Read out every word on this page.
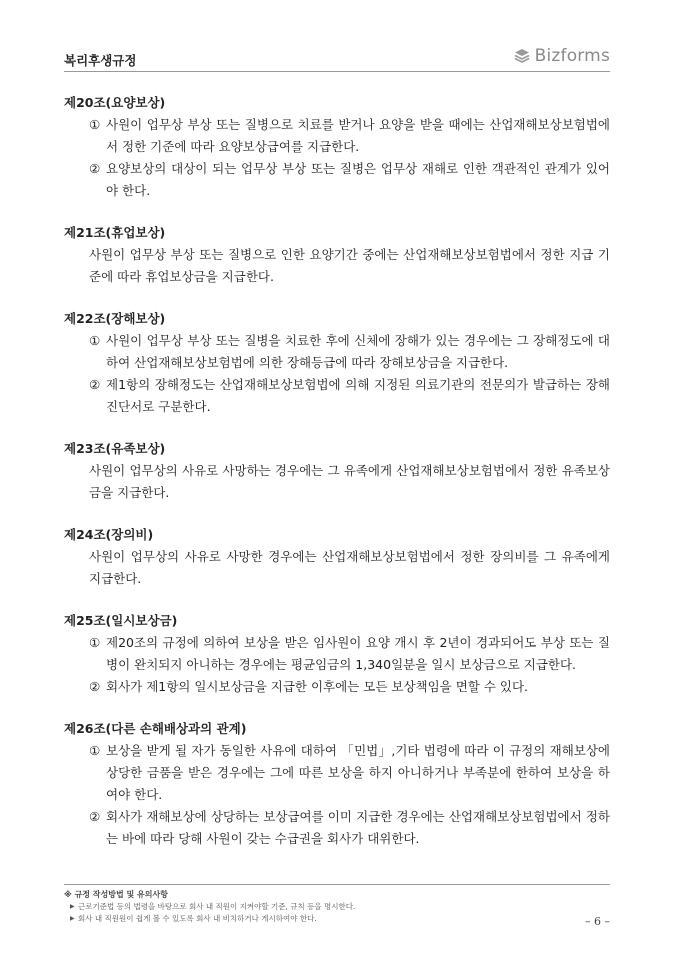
복리후생규정	Bizforms
제20조(요양보상)
① 사원이 업무상 부상 또는 질병으로 치료를 받거나 요양을 받을 때에는 산업재해보상보험법에서 정한 기준에 따라 요양보상급여를 지급한다.
② 요양보상의 대상이 되는 업무상 부상 또는 질병은 업무상 재해로 인한 객관적인 관계가 있어야 한다.
제21조(휴업보상)
사원이 업무상 부상 또는 질병으로 인한 요양기간 중에는 산업재해보상보험법에서 정한 지급 기준에 따라 휴업보상금을 지급한다.
제22조(장해보상)
① 사원이 업무상 부상 또는 질병을 치료한 후에 신체에 장해가 있는 경우에는 그 장해정도에 대하여 산업재해보상보험법에 의한 장해등급에 따라 장해보상금을 지급한다.
② 제1항의 장해정도는 산업재해보상보험법에 의해 지정된 의료기관의 전문의가 발급하는 장해진단서로 구분한다.
제23조(유족보상)
사원이 업무상의 사유로 사망하는 경우에는 그 유족에게 산업재해보상보험법에서 정한 유족보상금을 지급한다.
제24조(장의비)
사원이 업무상의 사유로 사망한 경우에는 산업재해보상보험법에서 정한 장의비를 그 유족에게 지급한다.
제25조(일시보상금)
① 제20조의 규정에 의하여 보상을 받은 임사원이 요양 개시 후 2년이 경과되어도 부상 또는 질병이 완치되지 아니하는 경우에는 평균임금의 1,340일분을 일시 보상금으로 지급한다.
② 회사가 제1항의 일시보상금을 지급한 이후에는 모든 보상책임을 면할 수 있다.
제26조(다른 손해배상과의 관계)
① 보상을 받게 될 자가 동일한 사유에 대하여 「민법」,기타 법령에 따라 이 규정의 재해보상에 상당한 금품을 받은 경우에는 그에 따른 보상을 하지 아니하거나 부족분에 한하여 보상을 하여야 한다.
② 회사가 재해보상에 상당하는 보상급여를 이미 지급한 경우에는 산업재해보상보험법에서 정하는 바에 따라 당해 사원이 갖는 수급권을 회사가 대위한다.
※ 규정 작성방법 및 유의사항
▶ 근로기준법 등의 법령을 바탕으로 회사 내 직원이 지켜야할 기준, 규칙 등을 명시한다.
▶ 회사 내 직원원이 쉽게 볼 수 있도록 회사 내 비치하거나 게시하여야 한다.	– 6 –
